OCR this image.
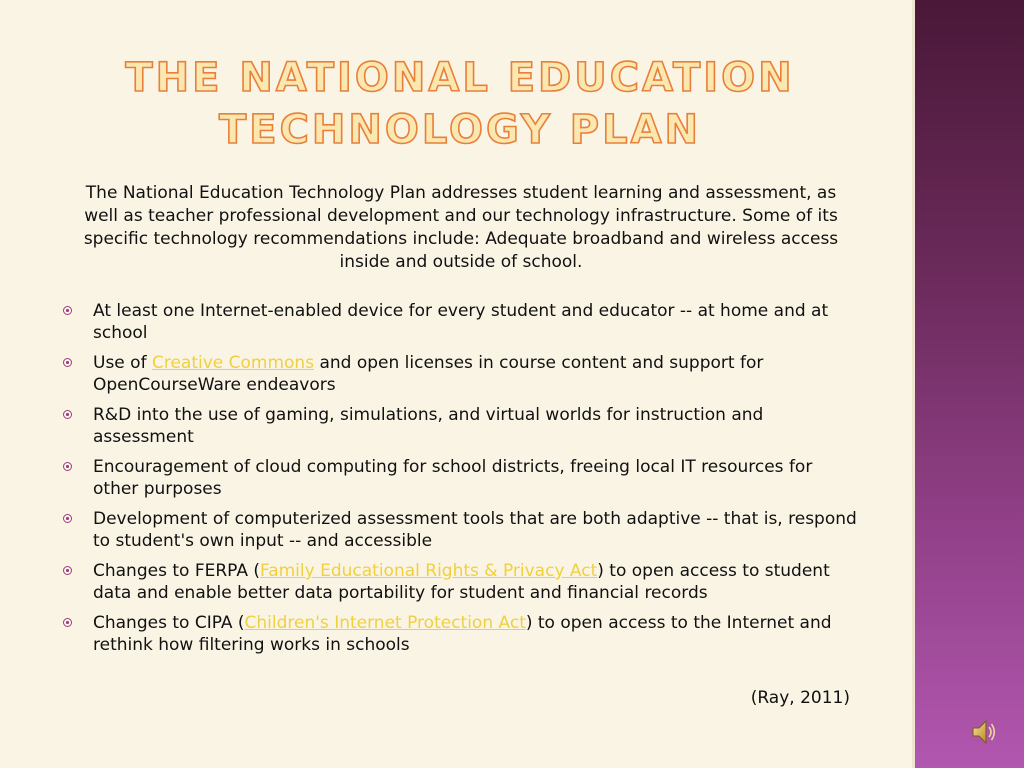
THE NATIONAL EDUCATION
TECHNOLOGY PLAN
The National Education Technology Plan addresses student learning and assessment, as well as teacher professional development and our technology infrastructure. Some of its specific technology recommendations include: Adequate broadband and wireless access inside and outside of school.
At least one Internet-enabled device for every student and educator -- at home and at school
Use of Creative Commons and open licenses in course content and support for OpenCourseWare endeavors
R&D into the use of gaming, simulations, and virtual worlds for instruction and assessment
Encouragement of cloud computing for school districts, freeing local IT resources for other purposes
Development of computerized assessment tools that are both adaptive -- that is, respond to student's own input -- and accessible
Changes to FERPA (Family Educational Rights & Privacy Act) to open access to student data and enable better data portability for student and financial records
Changes to CIPA (Children's Internet Protection Act) to open access to the Internet and rethink how filtering works in schools
(Ray, 2011)
